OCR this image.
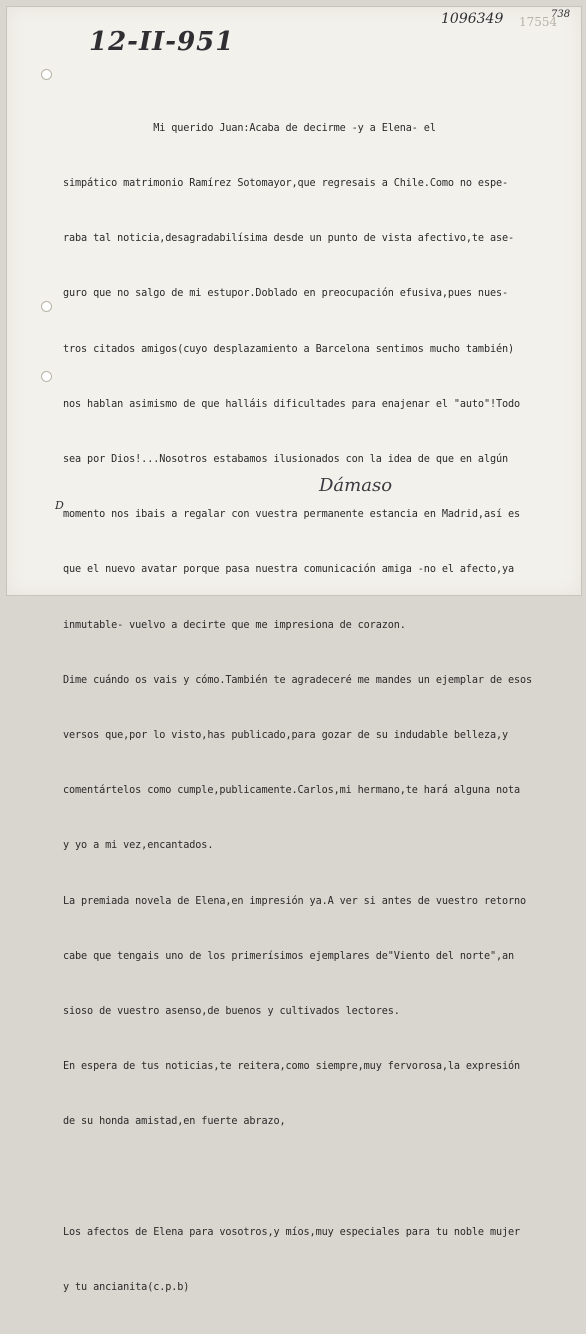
12-II-951
17554
1096349	738
D
Dámaso

Mi querido Juan:Acaba de decirme -y a Elena- el

simpático matrimonio Ramírez Sotomayor,que regresais a Chile.Como no espe-

raba tal noticia,desagradabilísima desde un punto de vista afectivo,te ase-

guro que no salgo de mi estupor.Doblado en preocupación efusiva,pues nues-

tros citados amigos(cuyo desplazamiento a Barcelona sentimos mucho también)

nos hablan asimismo de que halláis dificultades para enajenar el "auto"!Todo

sea por Dios!...Nosotros estabamos ilusionados con la idea de que en algún

momento nos ibais a regalar con vuestra permanente estancia en Madrid,así es

que el nuevo avatar porque pasa nuestra comunicación amiga -no el afecto,ya

inmutable- vuelvo a decirte que me impresiona de corazon.

Dime cuándo os vais y cómo.También te agradeceré me mandes un ejemplar de esos

versos que,por lo visto,has publicado,para gozar de su indudable belleza,y

comentártelos como cumple,publicamente.Carlos,mi hermano,te hará alguna nota

y yo a mi vez,encantados.

La premiada novela de Elena,en impresión ya.A ver si antes de vuestro retorno

cabe que tengais uno de los primerísimos ejemplares de"Viento del norte",an

sioso de vuestro asenso,de buenos y cultivados lectores.

En espera de tus noticias,te reitera,como siempre,muy fervorosa,la expresión

de su honda amistad,en fuerte abrazo,

Los afectos de Elena para vosotros,y míos,muy especiales para tu noble mujer

y tu ancianita(c.p.b)
